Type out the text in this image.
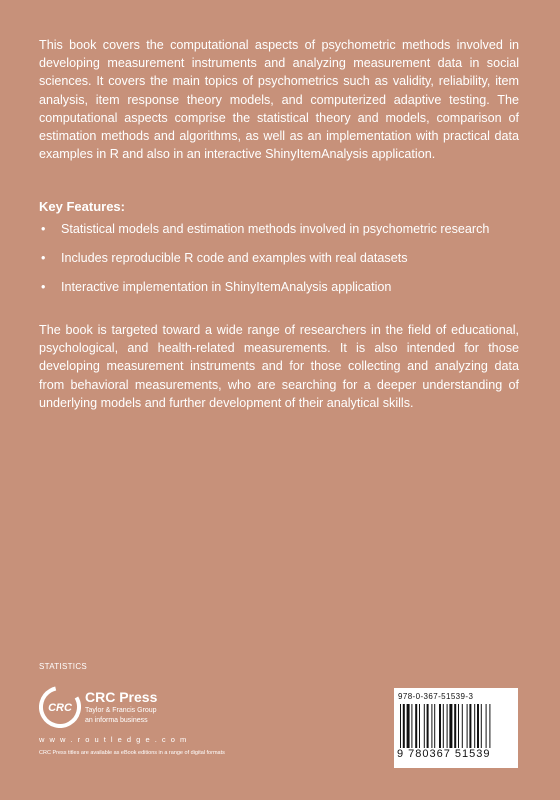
This book covers the computational aspects of psychometric methods involved in developing measurement instruments and analyzing measurement data in social sciences. It covers the main topics of psychometrics such as validity, reliability, item analysis, item response theory models, and computerized adaptive testing. The computational aspects comprise the statistical theory and models, comparison of estimation methods and algorithms, as well as an implementation with practical data examples in R and also in an interactive ShinyItemAnalysis application.

Key Features:

• Statistical models and estimation methods involved in psychometric research
• Includes reproducible R code and examples with real datasets
• Interactive implementation in ShinyItemAnalysis application

The book is targeted toward a wide range of researchers in the field of educational, psychological, and health-related measurements. It is also intended for those developing measurement instruments and for those collecting and analyzing data from behavioral measurements, who are searching for a deeper understanding of underlying models and further development of their analytical skills.

STATISTICS
CRC
CRC Press
Taylor & Francis Group
an informa business
w w w . r o u t l e d g e . c o m
CRC Press titles are available as eBook editions in a range of digital formats
978-0-367-51539-3
9 780367 51539
